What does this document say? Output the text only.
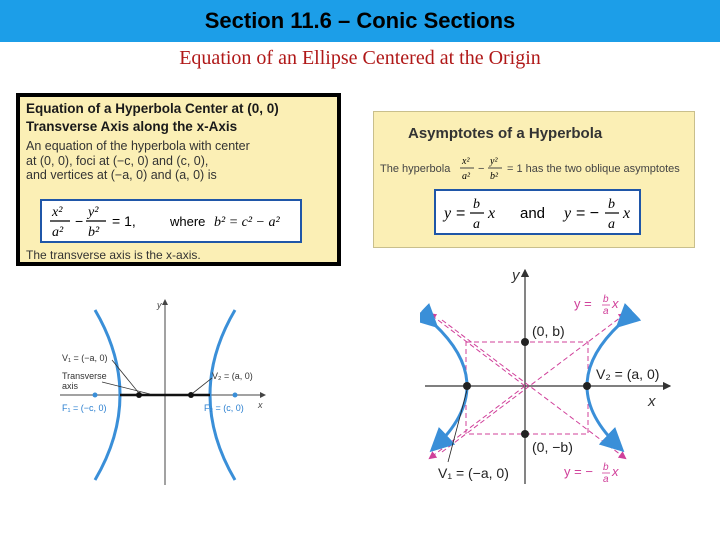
Section 11.6 – Conic Sections
Equation of an Ellipse Centered at the Origin
Equation of a Hyperbola Center at (0, 0)
Transverse Axis along the x-Axis
An equation of the hyperbola with center
at (0, 0), foci at (−c, 0) and (c, 0),
and vertices at (−a, 0) and (a, 0) is
x²
a²
−
y²
b²
= 1,	where b² = c² − a²
The transverse axis is the x-axis.
Asymptotes of a Hyperbola
The hyperbola
x²
a²
−
y²
b²
= 1 has the two oblique asymptotes
y =
b
a
x and y = −
b
a
x
y
x
V₁ = (−a, 0)
Transverse
axis
V₂ = (a, 0)
F₁ = (−c, 0)	F₂ = (c, 0)
y
x
(0, b)
(0, −b)
V₂ = (a, 0)
V₁ = (−a, 0)
y = b
a
x
y = − b
a
x
